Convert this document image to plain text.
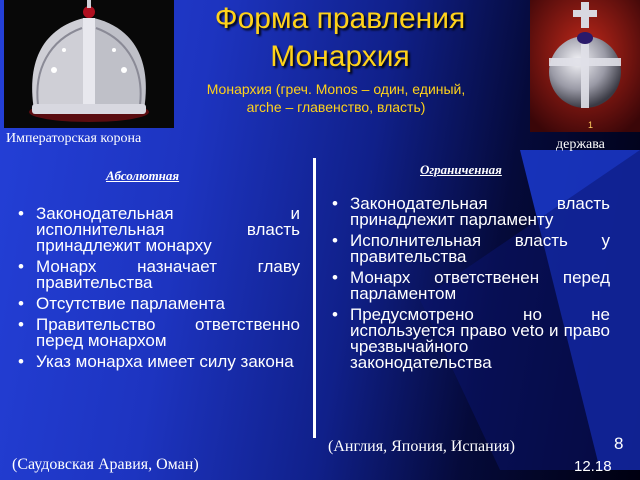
1
Форма правления
Монархия
Монархия (греч. Monos – один, единый,
arche – главенство, власть)
Императорская корона	держава
Абсолютная	Ограниченная
• Законодательная и исполнительная власть принадлежит монарху
• Монарх назначает главу правительства
• Отсутствие парламента
• Правительство ответственно перед монархом
• Указ монарха имеет силу закона
• Законодательная власть принадлежит парламенту
• Исполнительная власть у правительства
• Монарх ответственен перед парламентом
• Предусмотрено но не используется право veto и право чрезвычайного законодательства
(Англия, Япония, Испания)
(Саудовская Аравия, Оман)
8
12.18
